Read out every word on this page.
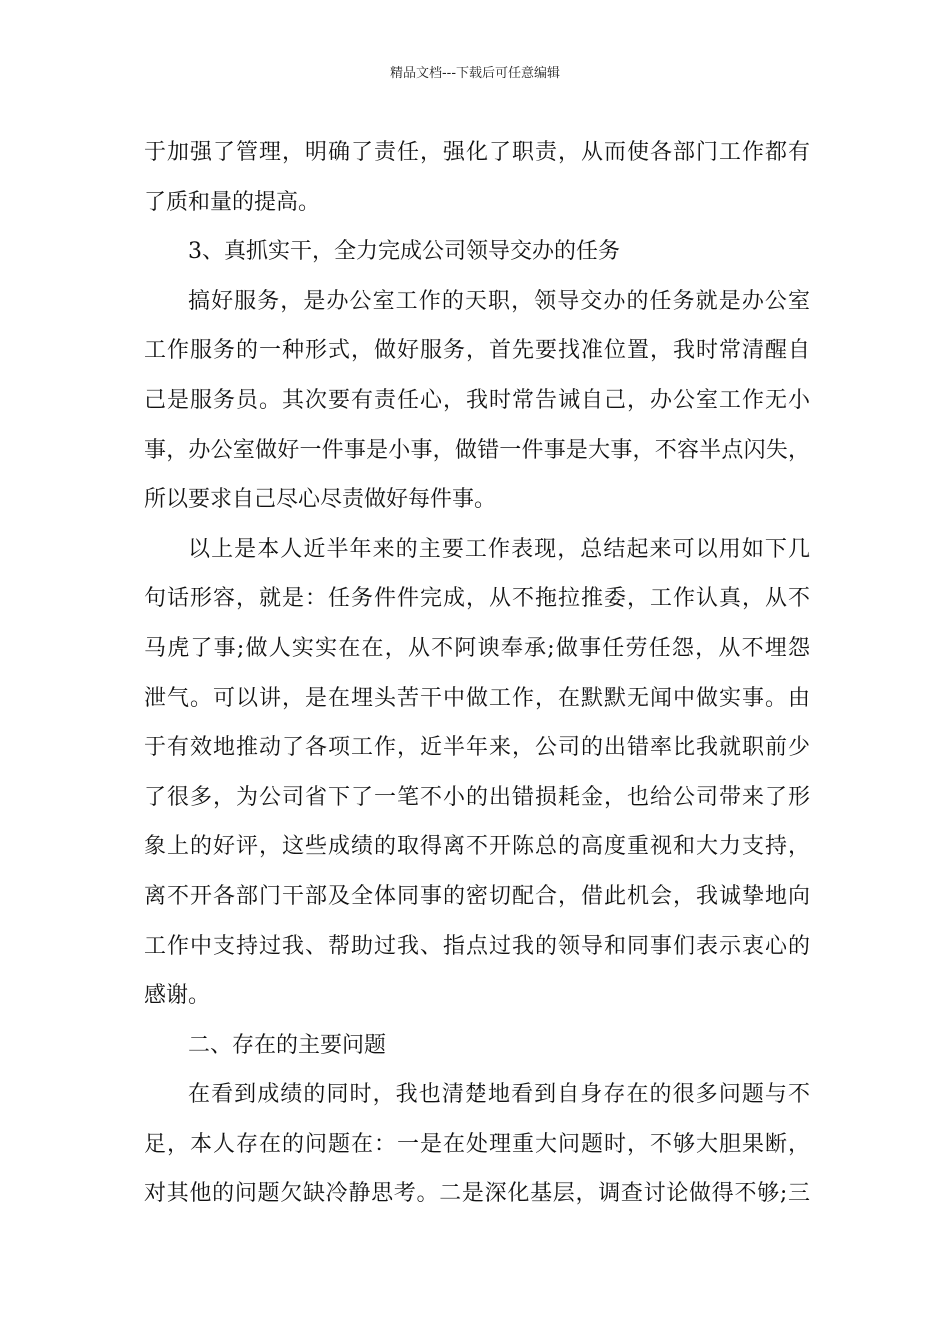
精品文档---下载后可任意编辑
于加强了管理，明确了责任，强化了职责，从而使各部门工作都有
了质和量的提高。
3、真抓实干，全力完成公司领导交办的任务
搞好服务，是办公室工作的天职，领导交办的任务就是办公室
工作服务的一种形式，做好服务，首先要找准位置，我时常清醒自
己是服务员。其次要有责任心，我时常告诫自己，办公室工作无小
事，办公室做好一件事是小事，做错一件事是大事，不容半点闪失，
所以要求自己尽心尽责做好每件事。
以上是本人近半年来的主要工作表现，总结起来可以用如下几
句话形容，就是：任务件件完成，从不拖拉推委，工作认真，从不
马虎了事;做人实实在在，从不阿谀奉承;做事任劳任怨，从不埋怨
泄气。可以讲，是在埋头苦干中做工作，在默默无闻中做实事。由
于有效地推动了各项工作，近半年来，公司的出错率比我就职前少
了很多，为公司省下了一笔不小的出错损耗金，也给公司带来了形
象上的好评，这些成绩的取得离不开陈总的高度重视和大力支持，
离不开各部门干部及全体同事的密切配合，借此机会，我诚挚地向
工作中支持过我、帮助过我、指点过我的领导和同事们表示衷心的
感谢。
二、存在的主要问题
在看到成绩的同时，我也清楚地看到自身存在的很多问题与不
足，本人存在的问题在：一是在处理重大问题时，不够大胆果断，
对其他的问题欠缺冷静思考。二是深化基层，调查讨论做得不够;三
